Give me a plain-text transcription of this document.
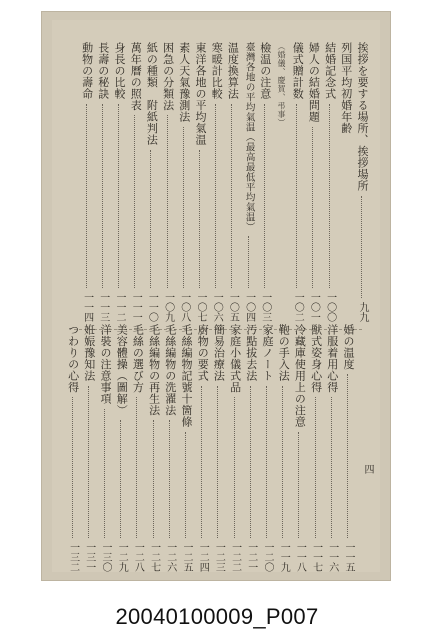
挨拶を要する場所、挨拶場所
九九
列国平均初婚年齢
結婚記念式
一〇〇
婦人の結婚問題
一〇一
儀式贈計数
一〇二
（婚儀、慶賀、弔事）
檢温の注意
一〇三
臺灣各地の平均氣温（最高最低平均氣温）
一〇四
温度換算法
一〇五
寒暖計比較
一〇六
東洋各地の平均氣温
一〇七
素人天氣豫測法
一〇八
困急の分類法
一〇九
紙の種類　附紙判法
一一〇
萬年曆の照表
一一一
身長の比較
一一二
長壽の秘訣
一一三
動物の壽命
一一四
婚の温度
一一五
洋服着用心得
一一六
獣式姿身心得
一一七
冷藏庫使用上の注意
一一八
鞄の手入法
一一九
家庭ノート
一二〇
汚點拔去法
一二一
家庭小儀式品
一二二
簡易治療法
一二三
廚物の要式
一二四
毛絲編物記號十箇條
一二五
毛絲編物の洗濯法
一二六
毛絲編物の再生法
一二七
毛絲の選び方
一二八
美容體操（圖解）
一二九
洋裝の注意事項
一三〇
姙娠豫知法
一三一
つわりの心得
一三二
四
20040100009_P007
